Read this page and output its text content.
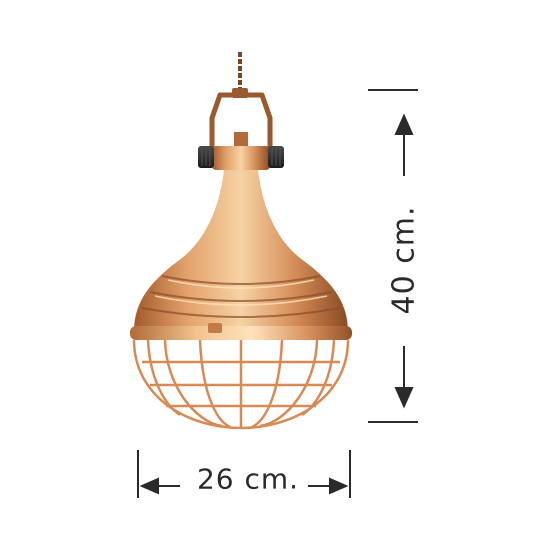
40 cm.
26 cm.
